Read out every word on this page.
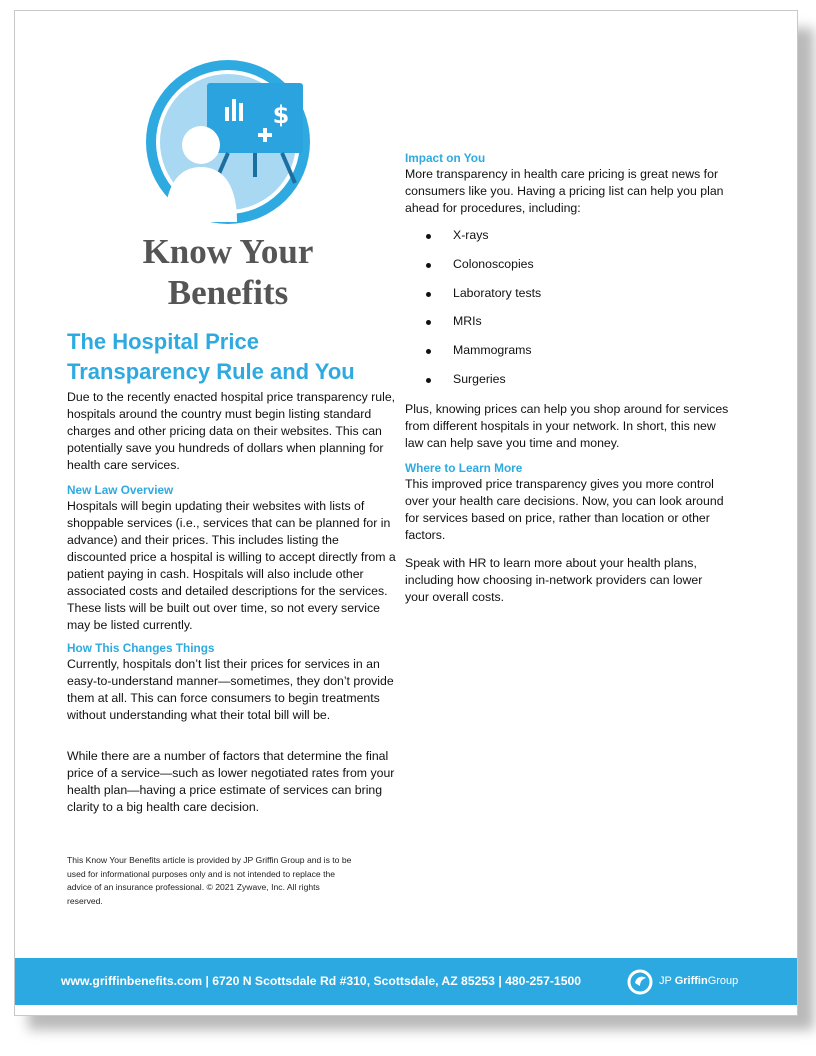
$
Know Your
Benefits
The Hospital Price
Transparency Rule and You
Due to the recently enacted hospital price transparency rule, hospitals around the country must begin listing standard charges and other pricing data on their websites. This can potentially save you hundreds of dollars when planning for health care services.
New Law Overview
Hospitals will begin updating their websites with lists of shoppable services (i.e., services that can be planned for in advance) and their prices. This includes listing the discounted price a hospital is willing to accept directly from a patient paying in cash. Hospitals will also include other associated costs and detailed descriptions for the services. These lists will be built out over time, so not every service may be listed currently.
How This Changes Things
Currently, hospitals don’t list their prices for services in an easy-to-understand manner—sometimes, they don’t provide them at all. This can force consumers to begin treatments without understanding what their total bill will be.
While there are a number of factors that determine the final price of a service—such as lower negotiated rates from your health plan—having a price estimate of services can bring clarity to a big health care decision.
This Know Your Benefits article is provided by JP Griffin Group and is to be used for informational purposes only and is not intended to replace the advice of an insurance professional. © 2021 Zywave, Inc. All rights reserved.
Impact on You
More transparency in health care pricing is great news for consumers like you. Having a pricing list can help you plan ahead for procedures, including:
X-rays
Colonoscopies
Laboratory tests
MRIs
Mammograms
Surgeries
Plus, knowing prices can help you shop around for services from different hospitals in your network. In short, this new law can help save you time and money.
Where to Learn More
This improved price transparency gives you more control over your health care decisions. Now, you can look around for services based on price, rather than location or other factors.
Speak with HR to learn more about your health plans, including how choosing in-network providers can lower your overall costs.
www.griffinbenefits.com | 6720 N Scottsdale Rd #310, Scottsdale, AZ 85253 | 480-257-1500	JP GriffinGroup
